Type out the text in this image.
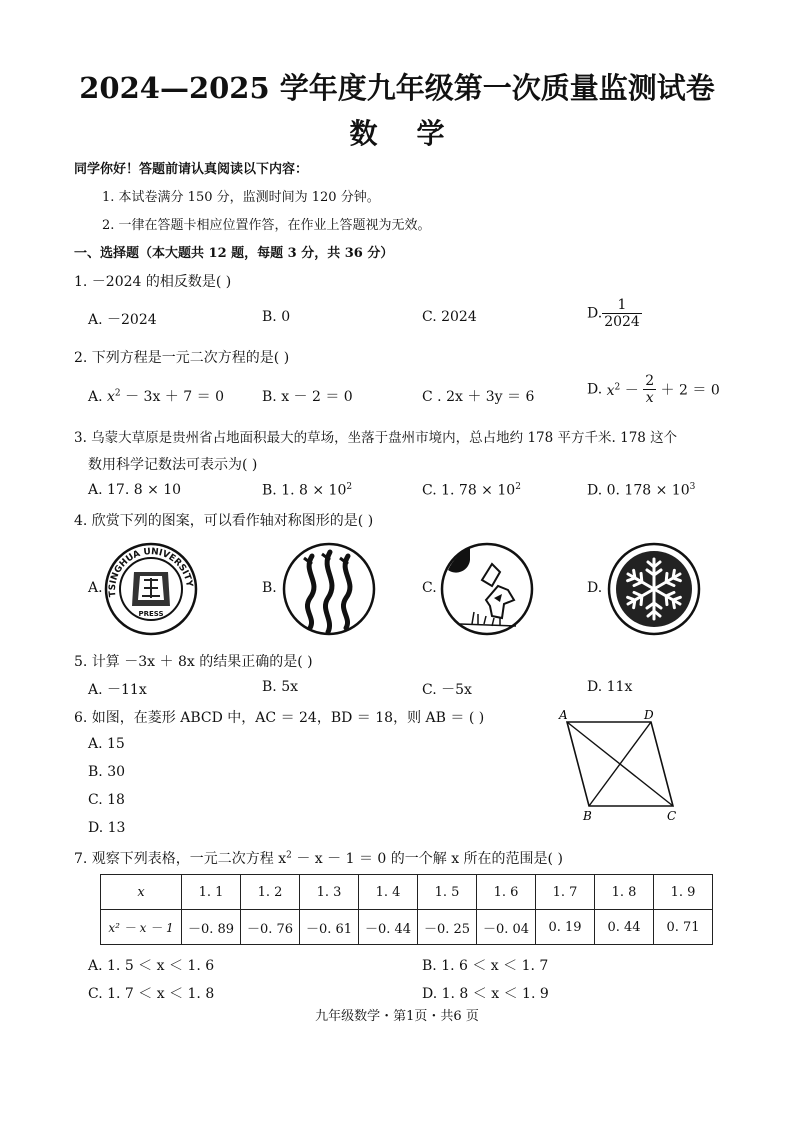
2024—2025 学年度九年级第一次质量监测试卷
数    学
同学你好！答题前请认真阅读以下内容：
1. 本试卷满分 150 分，监测时间为 120 分钟。
2. 一律在答题卡相应位置作答，在作业上答题视为无效。
一、选择题（本大题共 12 题，每题 3 分，共 36 分）
1. －2024 的相反数是( )
A. －2024	B. 0	C. 2024	D. $\frac{1}{2024}$
2. 下列方程是一元二次方程的是( )
A. $x^2 - 3x + 7 = 0$	B. x － 2 ＝ 0	C . 2x ＋ 3y ＝ 6	D. $x^2 - \frac{2}{x} + 2 = 0$
3. 乌蒙大草原是贵州省占地面积最大的草场，坐落于盘州市境内，总占地约 178 平方千米. 178 这个
数用科学记数法可表示为( )
A. 17. 8 × 10	B. 1. $8 \times 10^2$	C. 1. $78 \times 10^2$	D. 0. $178 \times 10^3$
4. 欣赏下列的图案，可以看作轴对称图形的是( )
A.	B.	C.	D.
TSINGHUA UNIVERSITY
PRESS
5. 计算 －3x ＋ 8x 的结果正确的是( )
A. －11x	B. 5x	C. －5x	D. 11x
6. 如图，在菱形 ABCD 中，AC ＝ 24，BD ＝ 18，则 AB ＝ ( )
A. 15
B. 30
C. 18
D. 13
A	D
B	C
7. 观察下列表格，一元二次方程 $x^2 - x - 1 = 0$ 的一个解 x 所在的范围是( )
x	1. 1	1. 2	1. 3	1. 4	1. 5	1. 6	1. 7	1. 8	1. 9
x² － x － 1	－0. 89	－0. 76	－0. 61	－0. 44	－0. 25	－0. 04	0. 19	0. 44	0. 71
A. 1. 5 ＜ x ＜ 1. 6	B. 1. 6 ＜ x ＜ 1. 7
C. 1. 7 ＜ x ＜ 1. 8	D. 1. 8 ＜ x ＜ 1. 9
九年级数学・第1页・共6 页
